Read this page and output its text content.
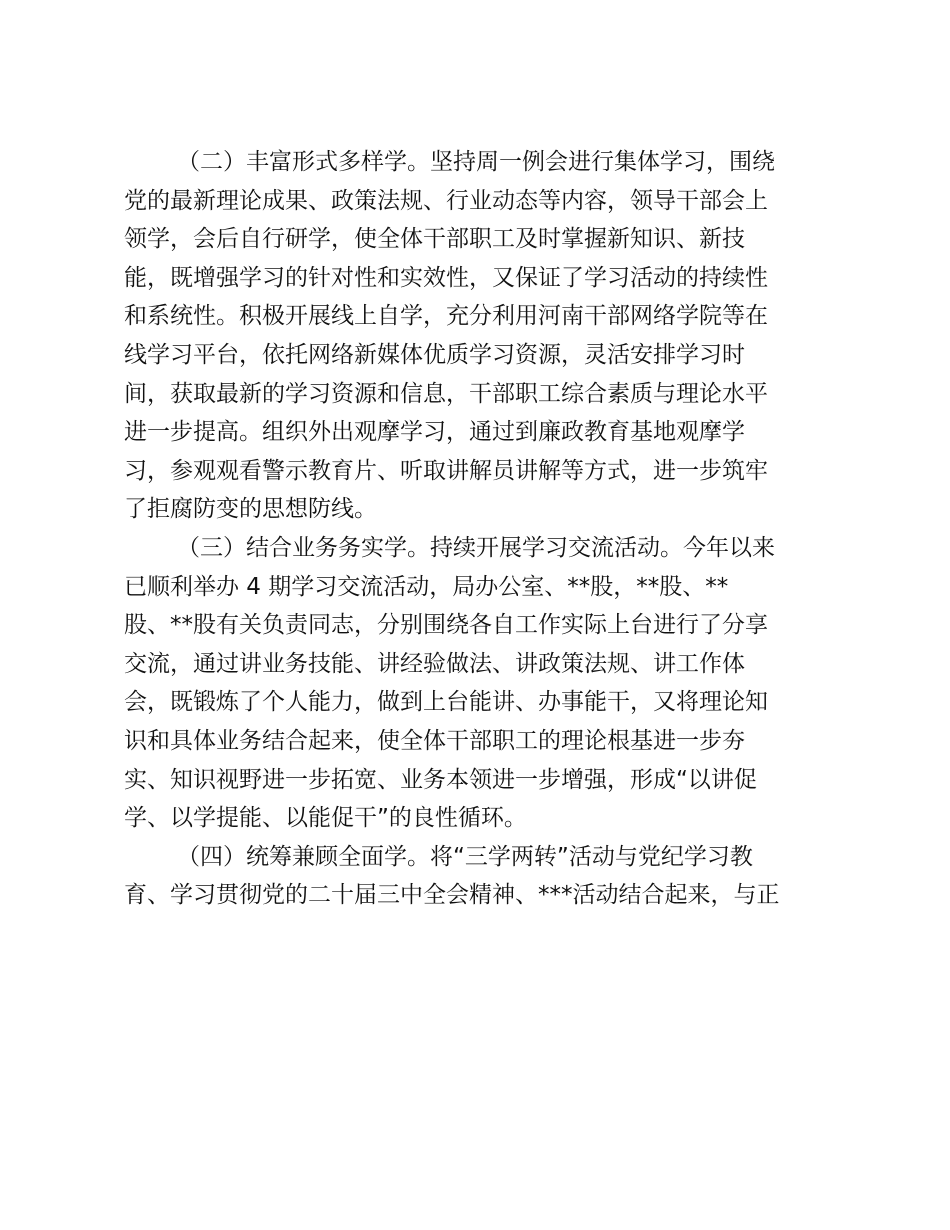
（二）丰富形式多样学。坚持周一例会进行集体学习，围绕
党的最新理论成果、政策法规、行业动态等内容，领导干部会上
领学，会后自行研学，使全体干部职工及时掌握新知识、新技
能，既增强学习的针对性和实效性，又保证了学习活动的持续性
和系统性。积极开展线上自学，充分利用河南干部网络学院等在
线学习平台，依托网络新媒体优质学习资源，灵活安排学习时
间，获取最新的学习资源和信息，干部职工综合素质与理论水平
进一步提高。组织外出观摩学习，通过到廉政教育基地观摩学
习，参观观看警示教育片、听取讲解员讲解等方式，进一步筑牢
了拒腐防变的思想防线。
（三）结合业务务实学。持续开展学习交流活动。今年以来
已顺利举办 4 期学习交流活动，局办公室、**股，**股、**
股、**股有关负责同志，分别围绕各自工作实际上台进行了分享
交流，通过讲业务技能、讲经验做法、讲政策法规、讲工作体
会，既锻炼了个人能力，做到上台能讲、办事能干，又将理论知
识和具体业务结合起来，使全体干部职工的理论根基进一步夯
实、知识视野进一步拓宽、业务本领进一步增强，形成“以讲促
学、以学提能、以能促干”的良性循环。
（四）统筹兼顾全面学。将“三学两转”活动与党纪学习教
育、学习贯彻党的二十届三中全会精神、***活动结合起来，与正
